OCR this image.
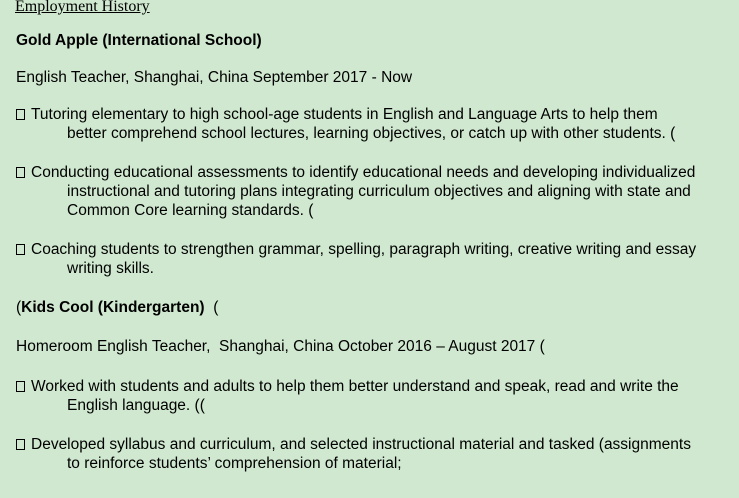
Employment History
Gold Apple (International School)
English Teacher, Shanghai, China September 2017 - Now
Tutoring elementary to high school-age students in English and Language Arts to help them
better comprehend school lectures, learning objectives, or catch up with other students. (
Conducting educational assessments to identify educational needs and developing individualized
instructional and tutoring plans integrating curriculum objectives and aligning with state and
Common Core learning standards. (
Coaching students to strengthen grammar, spelling, paragraph writing, creative writing and essay
writing skills.
(Kids Cool (Kindergarten)  (
Homeroom English Teacher,  Shanghai, China October 2016 – August 2017 (
Worked with students and adults to help them better understand and speak, read and write the
English language. ((
Developed syllabus and curriculum, and selected instructional material and tasked (assignments
to reinforce students’ comprehension of material;
